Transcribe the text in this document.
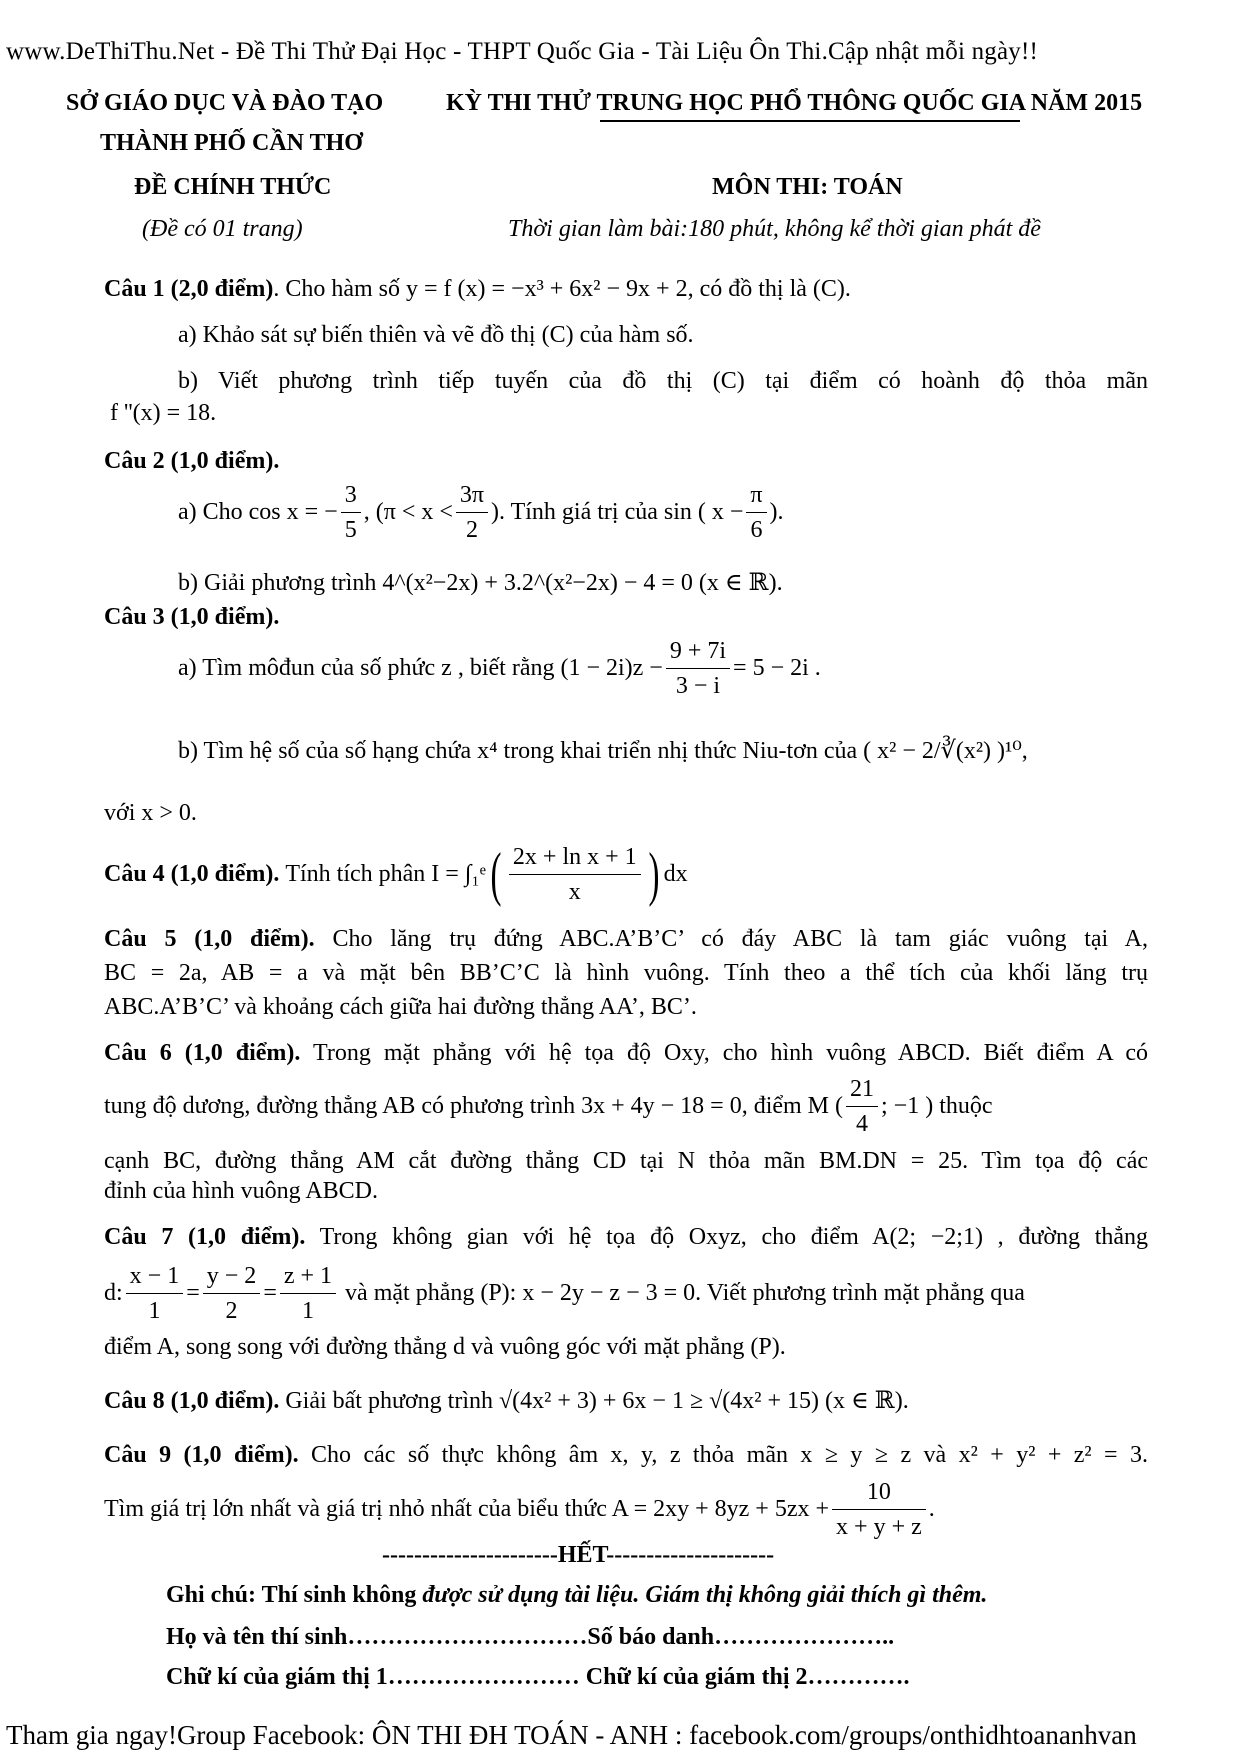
www.DeThiThu.Net - Đề Thi Thử Đại Học - THPT Quốc Gia - Tài Liệu Ôn Thi.Cập nhật mỗi ngày!!
SỞ GIÁO DỤC VÀ ĐÀO TẠO
THÀNH PHỐ CẦN THƠ
KỲ THI THỬ TRUNG HỌC PHỔ THÔNG QUỐC GIA NĂM 2015
ĐỀ CHÍNH THỨC
(Đề có 01 trang)
MÔN THI: TOÁN
Thời gian làm bài:180 phút, không kể thời gian phát đề
Câu 1 (2,0 điểm). Cho hàm số y = f (x) = −x³ + 6x² − 9x + 2, có đồ thị là (C).
a) Khảo sát sự biến thiên và vẽ đồ thị (C) của hàm số.
b) Viết phương trình tiếp tuyến của đồ thị (C) tại điểm có hoành độ thỏa mãn
f ''(x) = 18.
Câu 2 (1,0 điểm).
a) Cho cos x = − $\frac{3}{5}$ , ($\pi < x < \frac{3\pi}{2}$ ). Tính giá trị của sin ( $x - \frac{\pi}{6}$ ).
b) Giải phương trình 4^(x²−2x) + 3.2^(x²−2x) − 4 = 0 (x ∈ ℝ).
Câu 3 (1,0 điểm).
a) Tìm môđun của số phức z , biết rằng $(1 - 2i)z - \frac{9 + 7i}{3 - i} = 5 - 2i$ .
b) Tìm hệ số của số hạng chứa x⁴ trong khai triển nhị thức Niu-tơn của ( x² − 2/∛(x²) )¹⁰,
với x > 0.
Câu 4 (1,0 điểm).
Tính tích phân I = ∫₁ᵉ ( $\frac{\text{2x + ln x + 1}}{x}$ ) dx
Câu 5 (1,0 điểm). Cho lăng trụ đứng ABC.A’B’C’ có đáy ABC là tam giác vuông tại A,
BC = 2a, AB = a và mặt bên BB’C’C là hình vuông. Tính theo a thể tích của khối lăng trụ
ABC.A’B’C’ và khoảng cách giữa hai đường thẳng AA’, BC’.
Câu 6 (1,0 điểm). Trong mặt phẳng với hệ tọa độ Oxy, cho hình vuông ABCD. Biết điểm A có
tung độ dương, đường thẳng AB có phương trình 3x + 4y − 18 = 0, điểm M ( $\frac{21}{4}$ ; −1 ) thuộc
cạnh BC, đường thẳng AM cắt đường thẳng CD tại N thỏa mãn BM.DN = 25. Tìm tọa độ các
đỉnh của hình vuông ABCD.
Câu 7 (1,0 điểm). Trong không gian với hệ tọa độ Oxyz, cho điểm A(2; −2;1) , đường thẳng
d: $\frac{x - 1}{1} = \frac{y - 2}{2} = \frac{z + 1}{1}$
và mặt phẳng (P): x − 2y − z − 3 = 0. Viết phương trình mặt phẳng qua
điểm A, song song với đường thẳng d và vuông góc với mặt phẳng (P).
Câu 8 (1,0 điểm). Giải bất phương trình √(4x² + 3) + 6x − 1 ≥ √(4x² + 15) (x ∈ ℝ).
Câu 9 (1,0 điểm). Cho các số thực không âm x, y, z thỏa mãn x ≥ y ≥ z và x² + y² + z² = 3.
Tìm giá trị lớn nhất và giá trị nhỏ nhất của biểu thức $A = 2xy + 8yz + 5zx + \frac{10}{x + y + z}$ .
----------------------HẾT---------------------
Ghi chú: Thí sinh không được sử dụng tài liệu. Giám thị không giải thích gì thêm.
Họ và tên thí sinh…………………………Số báo danh…………………..
Chữ kí của giám thị 1…………………… Chữ kí của giám thị 2………….
Tham gia ngay!Group Facebook: ÔN THI ĐH TOÁN - ANH : facebook.com/groups/onthidhtoananhvan
